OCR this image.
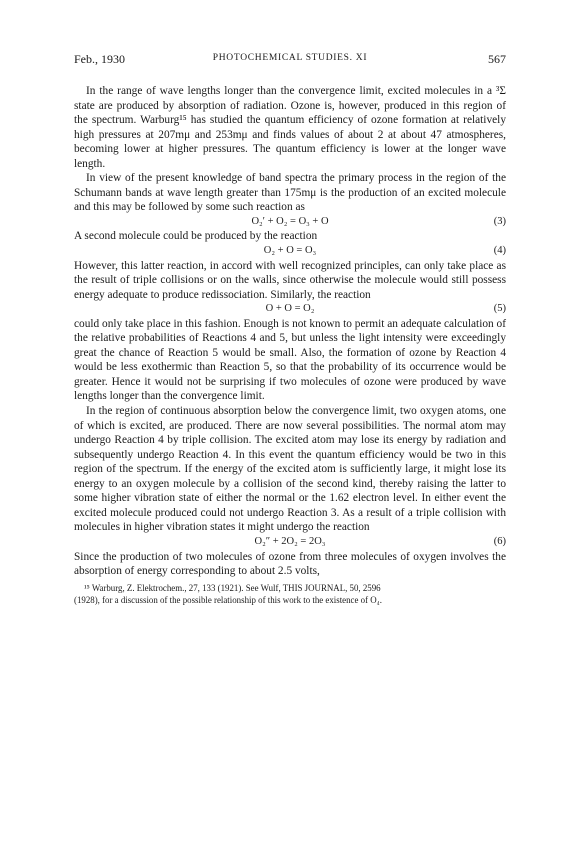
Feb., 1930	PHOTOCHEMICAL STUDIES. XI	567

In the range of wave lengths longer than the convergence limit, excited molecules in a ³Σ state are produced by absorption of radiation. Ozone is, however, produced in this region of the spectrum. Warburg¹⁵ has studied the quantum efficiency of ozone formation at relatively high pressures at 207mμ and 253mμ and finds values of about 2 at about 47 atmospheres, becoming lower at higher pressures. The quantum efficiency is lower at the longer wave length.

In view of the present knowledge of band spectra the primary process in the region of the Schumann bands at wave length greater than 175mμ is the production of an excited molecule and this may be followed by some such reaction as

O₂′ + O₂ = O₃ + O	(3)

A second molecule could be produced by the reaction

O₂ + O = O₃	(4)

However, this latter reaction, in accord with well recognized principles, can only take place as the result of triple collisions or on the walls, since otherwise the molecule would still possess energy adequate to produce redissociation. Similarly, the reaction

O + O = O₂	(5)

could only take place in this fashion. Enough is not known to permit an adequate calculation of the relative probabilities of Reactions 4 and 5, but unless the light intensity were exceedingly great the chance of Reaction 5 would be small. Also, the formation of ozone by Reaction 4 would be less exothermic than Reaction 5, so that the probability of its occurrence would be greater. Hence it would not be surprising if two molecules of ozone were produced by wave lengths longer than the convergence limit.

In the region of continuous absorption below the convergence limit, two oxygen atoms, one of which is excited, are produced. There are now several possibilities. The normal atom may undergo Reaction 4 by triple collision. The excited atom may lose its energy by radiation and subsequently undergo Reaction 4. In this event the quantum efficiency would be two in this region of the spectrum. If the energy of the excited atom is sufficiently large, it might lose its energy to an oxygen molecule by a collision of the second kind, thereby raising the latter to some higher vibration state of either the normal or the 1.62 electron level. In either event the excited molecule produced could not undergo Reaction 3. As a result of a triple collision with molecules in higher vibration states it might undergo the reaction

O₂″ + 2O₂ = 2O₃	(6)

Since the production of two molecules of ozone from three molecules of oxygen involves the absorption of energy corresponding to about 2.5 volts,

¹⁵ Warburg, Z. Elektrochem., 27, 133 (1921). See Wulf, THIS JOURNAL, 50, 2596

(1928), for a discussion of the possible relationship of this work to the existence of O₄.
